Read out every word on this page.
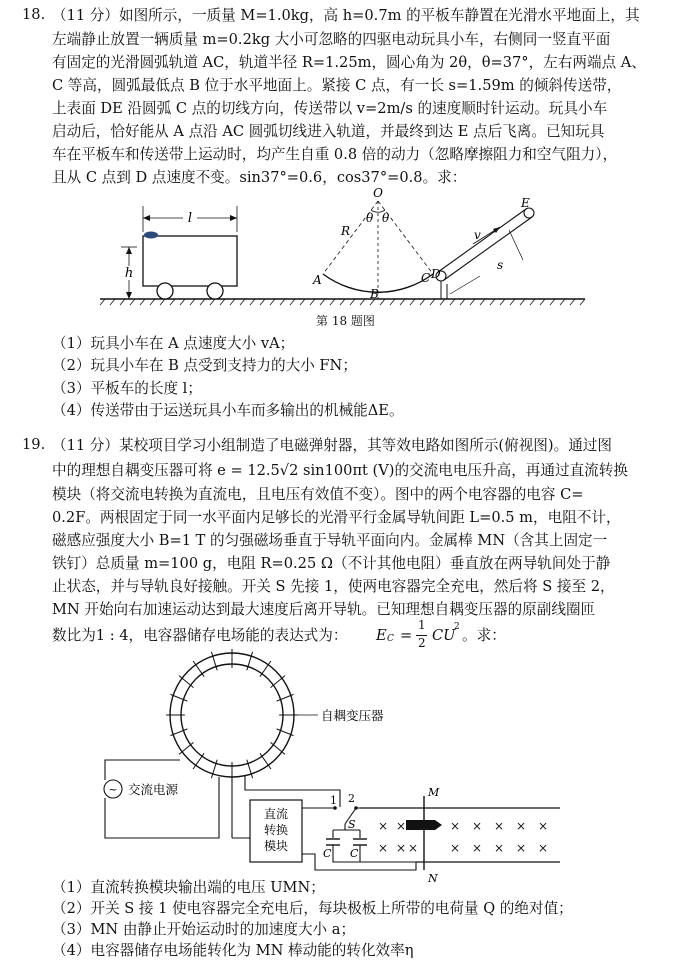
18. （11 分）如图所示，一质量 M=1.0kg，高 h=0.7m 的平板车静置在光滑水平地面上，其
左端静止放置一辆质量 m=0.2kg 大小可忽略的四驱电动玩具小车，右侧同一竖直平面
有固定的光滑圆弧轨道 AC，轨道半径 R=1.25m，圆心角为 2θ，θ=37°，左右两端点 A、
C 等高，圆弧最低点 B 位于水平地面上。紧接 C 点，有一长 s=1.59m 的倾斜传送带，
上表面 DE 沿圆弧 C 点的切线方向，传送带以 v=2m/s 的速度顺时针运动。玩具小车
启动后，恰好能从 A 点沿 AC 圆弧切线进入轨道，并最终到达 E 点后飞离。已知玩具
车在平板车和传送带上运动时，均产生自重 0.8 倍的动力（忽略摩擦阻力和空气阻力），
且从 C 点到 D 点速度不变。sin37°=0.6，cos37°=0.8。求：
l
h
O
R
θ θ
A
B
C D
E
v
s
第 18 题图
（1）玩具小车在 A 点速度大小 vA；
（2）玩具小车在 B 点受到支持力的大小 FN；
（3）平板车的长度 l；
（4）传送带由于运送玩具小车而多输出的机械能ΔE。
19. （11 分）某校项目学习小组制造了电磁弹射器，其等效电路如图所示(俯视图)。通过图
中的理想自耦变压器可将 e = 12.5√2 sin100πt (V)的交流电电压升高，再通过直流转换
模块（将交流电转换为直流电，且电压有效值不变）。图中的两个电容器的电容 C=
0.2F。两根固定于同一水平面内足够长的光滑平行金属导轨间距 L=0.5 m，电阻不计，
磁感应强度大小 B=1 T 的匀强磁场垂直于导轨平面向内。金属棒 MN（含其上固定一
铁钉）总质量 m=100 g，电阻 R=0.25 Ω（不计其他电阻）垂直放在两导轨间处于静
止状态，并与导轨良好接触。开关 S 先接 1，使两电容器完全充电，然后将 S 接至 2，
MN 开始向右加速运动达到最大速度后离开导轨。已知理想自耦变压器的原副线圈匝
数比为1 : 4，电容器储存电场能的表达式为： E C =
1
2 CU
2 。求：
自耦变压器
~ 交流电源
直流
转换
模块
1 2
S
C C
M
N
× ×	× × × × ×
× × ×	× × × × ×
（1）直流转换模块输出端的电压 UMN；
（2）开关 S 接 1 使电容器完全充电后，每块极板上所带的电荷量 Q 的绝对值；
（3）MN 由静止开始运动时的加速度大小 a；
（4）电容器储存电场能转化为 MN 棒动能的转化效率η
